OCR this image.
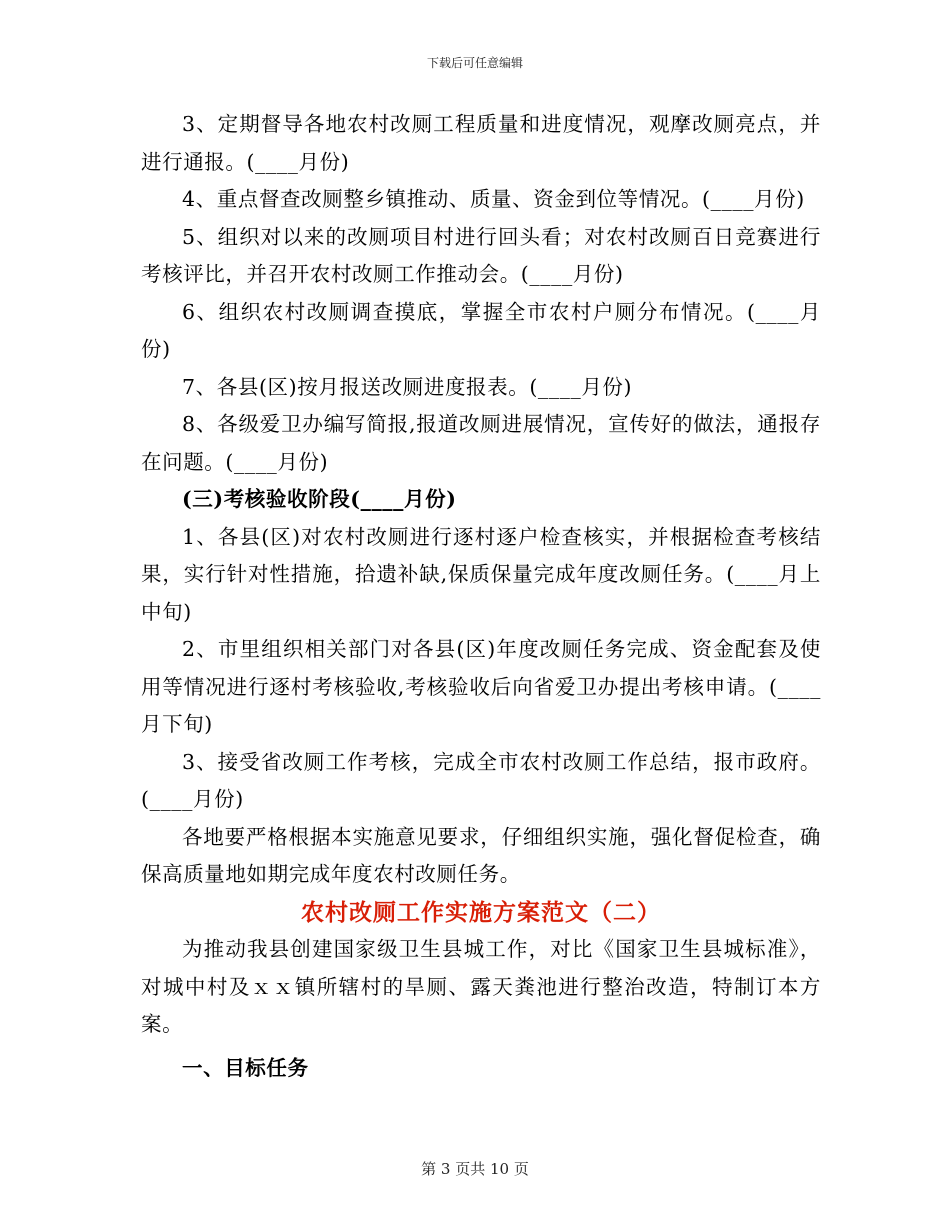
下载后可任意编辑

3、定期督导各地农村改厕工程质量和进度情况，观摩改厕亮点，并进行通报。(____月份)

4、重点督查改厕整乡镇推动、质量、资金到位等情况。(____月份)

5、组织对以来的改厕项目村进行回头看；对农村改厕百日竞赛进行考核评比，并召开农村改厕工作推动会。(____月份)

6、组织农村改厕调查摸底，掌握全市农村户厕分布情况。(____月份)

7、各县(区)按月报送改厕进度报表。(____月份)

8、各级爱卫办编写简报,报道改厕进展情况，宣传好的做法，通报存在问题。(____月份)

(三)考核验收阶段(____月份)

1、各县(区)对农村改厕进行逐村逐户检查核实，并根据检查考核结果，实行针对性措施，拾遗补缺,保质保量完成年度改厕任务。(____月上中旬)

2、市里组织相关部门对各县(区)年度改厕任务完成、资金配套及使用等情况进行逐村考核验收,考核验收后向省爱卫办提出考核申请。(____月下旬)

3、接受省改厕工作考核，完成全市农村改厕工作总结，报市政府。(____月份)

各地要严格根据本实施意见要求，仔细组织实施，强化督促检查，确保高质量地如期完成年度农村改厕任务。

农村改厕工作实施方案范文（二）

为推动我县创建国家级卫生县城工作，对比《国家卫生县城标准》，对城中村及ｘｘ镇所辖村的旱厕、露天粪池进行整治改造，特制订本方案。

一、目标任务

第 3 页共 10 页
